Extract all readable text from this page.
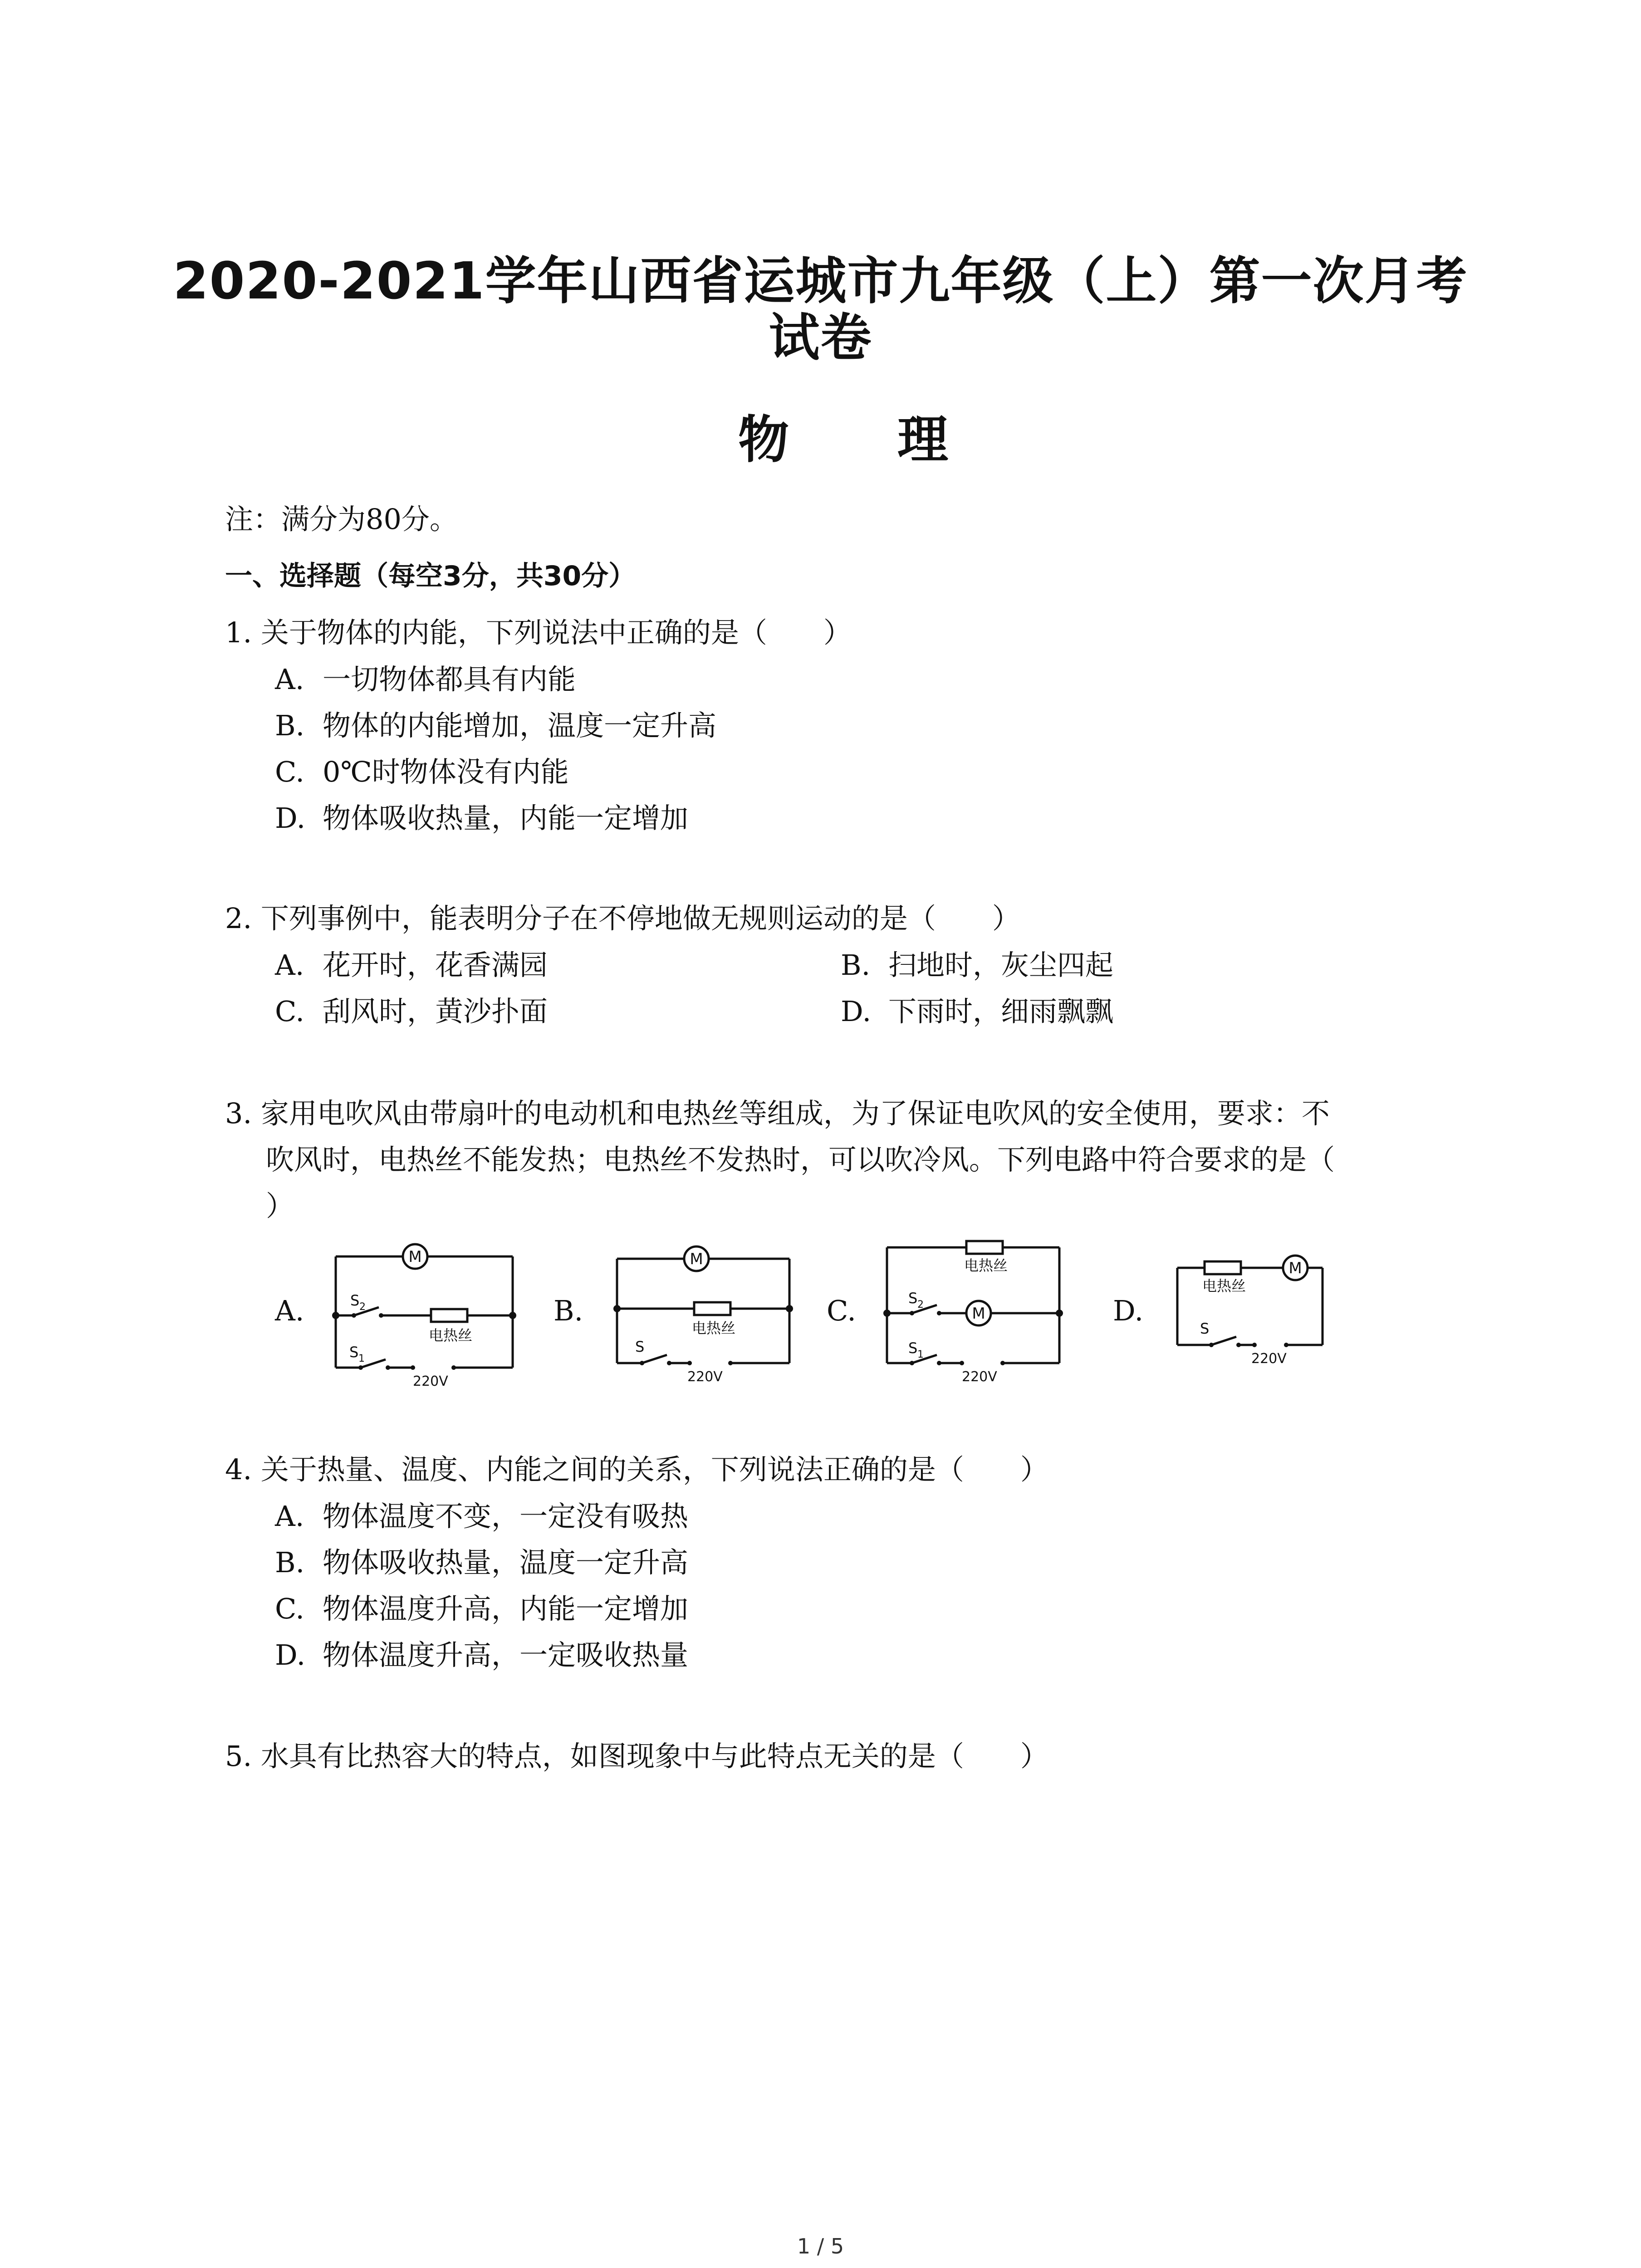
2020-2021学年山西省运城市九年级（上）第一次月考
试卷
物 理
注：满分为80分。
一、选择题（每空3分，共30分）
1. 关于物体的内能，下列说法中正确的是（　　）
A. 一切物体都具有内能
B. 物体的内能增加，温度一定升高
C. 0℃时物体没有内能
D. 物体吸收热量，内能一定增加
2. 下列事例中，能表明分子在不停地做无规则运动的是（　　）
A. 花开时，花香满园	B. 扫地时，灰尘四起
C. 刮风时，黄沙扑面	D. 下雨时，细雨飘飘
3. 家用电吹风由带扇叶的电动机和电热丝等组成，为了保证电吹风的安全使用，要求：不
吹风时，电热丝不能发热；电热丝不发热时，可以吹冷风。下列电路中符合要求的是（
）
A.	B.	C.	D.
M
电热丝
S 2
S 1
220V
M
电热丝
S
220V
M
电热丝
S 2
S 1
220V
M
电热丝
S
220V
4. 关于热量、温度、内能之间的关系，下列说法正确的是（　　）
A. 物体温度不变，一定没有吸热
B. 物体吸收热量，温度一定升高
C. 物体温度升高，内能一定增加
D. 物体温度升高，一定吸收热量
5. 水具有比热容大的特点，如图现象中与此特点无关的是（　　）
1 / 5
